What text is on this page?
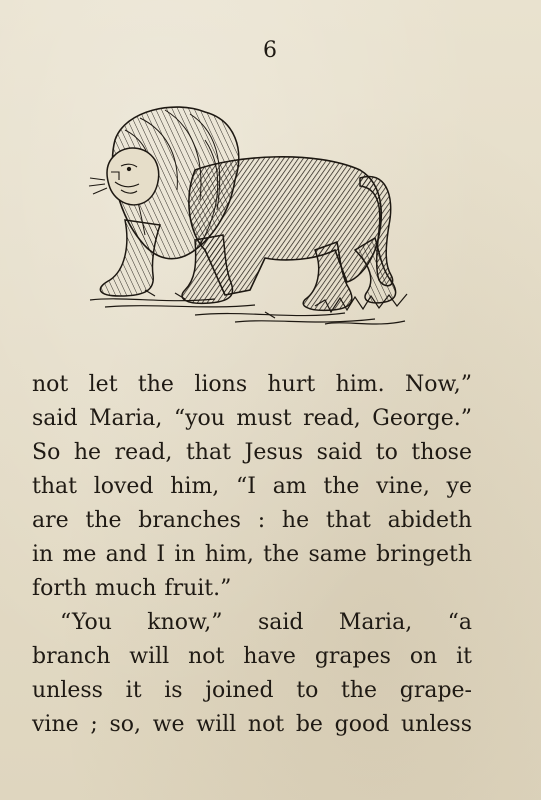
6
not let the lions hurt him. Now,”
said Maria, “you must read, George.”
So he read, that Jesus said to those
that loved him, “I am the vine, ye
are the branches : he that abideth
in me and I in him, the same bringeth
forth much fruit.”
“You know,” said Maria, “a
branch will not have grapes on it
unless it is joined to the grape-
vine ; so, we will not be good unless
